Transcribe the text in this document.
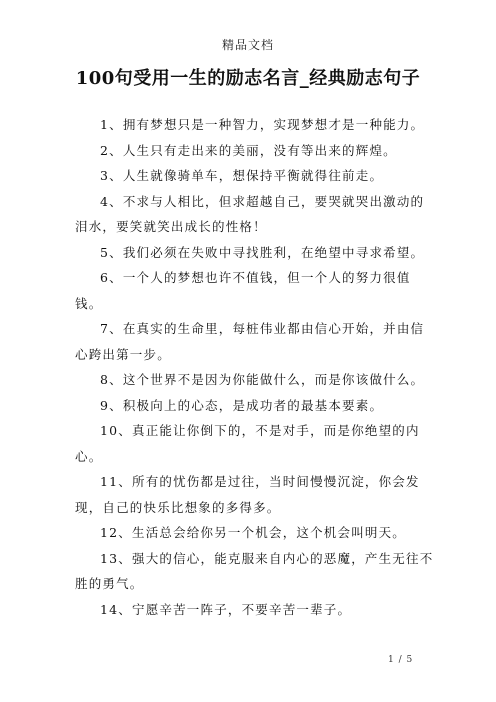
精品文档
100句受用一生的励志名言_经典励志句子

1、拥有梦想只是一种智力，实现梦想才是一种能力。

2、人生只有走出来的美丽，没有等出来的辉煌。

3、人生就像骑单车，想保持平衡就得往前走。

4、不求与人相比，但求超越自己，要哭就哭出激动的泪水，要笑就笑出成长的性格！

5、我们必须在失败中寻找胜利，在绝望中寻求希望。

6、一个人的梦想也许不值钱，但一个人的努力很值钱。

7、在真实的生命里，每桩伟业都由信心开始，并由信心跨出第一步。

8、这个世界不是因为你能做什么，而是你该做什么。

9、积极向上的心态，是成功者的最基本要素。

10、真正能让你倒下的，不是对手，而是你绝望的内心。

11、所有的忧伤都是过往，当时间慢慢沉淀，你会发现，自己的快乐比想象的多得多。

12、生活总会给你另一个机会，这个机会叫明天。

13、强大的信心，能克服来自内心的恶魔，产生无往不胜的勇气。

14、宁愿辛苦一阵子，不要辛苦一辈子。

1 / 5
